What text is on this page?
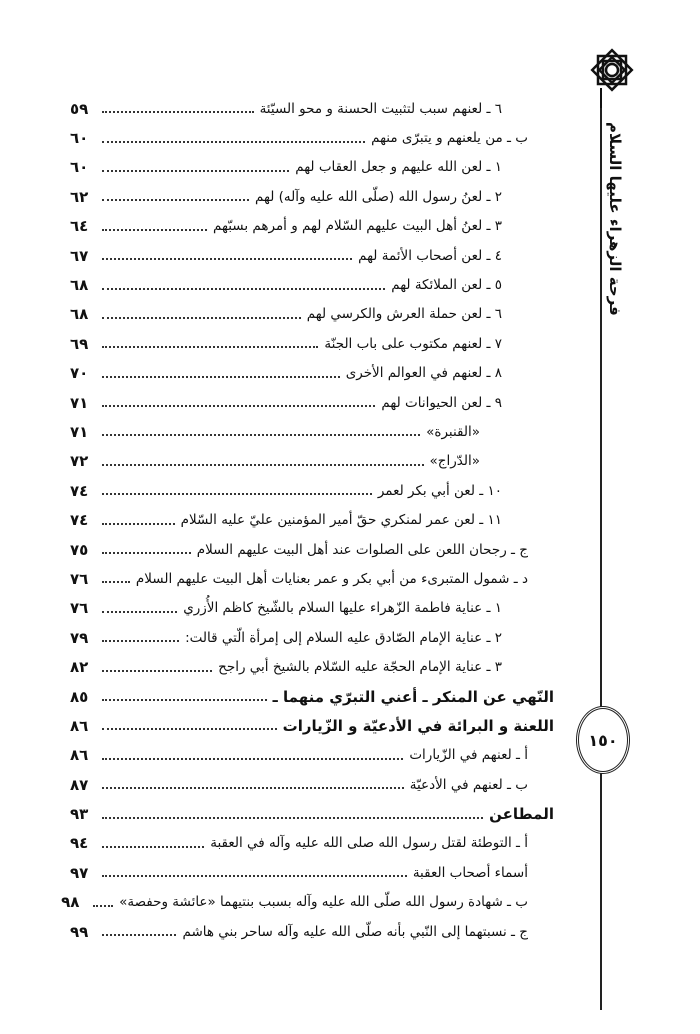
فرحة الزهراء عليها السلام
١٥٠
٦ ـ لعنهم سبب لتثبيت الحسنة و محو السيّئة
٥٩
ب ـ من يلعنهم و يتبرّى منهم
٦٠
١ ـ لعن الله عليهم و جعل العقاب لهم
٦٠
٢ ـ لعنُ رسول الله (صلّى الله عليه وآله) لهم
٦٢
٣ ـ لعنُ أهل البيت عليهم السّلام لهم و أمرهم بسبّهم
٦٤
٤ ـ لعن أصحاب الأئمة لهم
٦٧
٥ ـ لعن الملائكة لهم
٦٨
٦ ـ لعن حملة العرش والكرسي لهم
٦٨
٧ ـ لعنهم مكتوب على باب الجنّة
٦٩
٨ ـ لعنهم في العوالم الأخرى
٧٠
٩ ـ لعن الحيوانات لهم
٧١
«القنبرة»
٧١
«الدّراج»
٧٢
١٠ ـ لعن أبي بكر لعمر
٧٤
١١ ـ لعن عمر لمنكري حقّ أمير المؤمنين عليّ عليه السّلام
٧٤
ج ـ رجحان اللعن على الصلوات عند أهل البيت عليهم السلام
٧٥
د ـ شمول المتبرىء من أبي بكر و عمر بعنايات أهل البيت عليهم السلام
٧٦
١ ـ عناية فاطمة الزّهراء عليها السلام بالشّيخ كاظم الأُزري
٧٦
٢ ـ عناية الإمام الصّادق عليه السلام إلى إمرأة الّتي قالت:
٧٩
٣ ـ عناية الإمام الحجّة عليه السّلام بالشيخ أبي راجح
٨٢
النّهي عن المنكر ـ أعني التبرّي منهما ـ
٨٥
اللعنة و البرائة في الأدعيّة و الزّيارات
٨٦
أ ـ لعنهم في الزّيارات
٨٦
ب ـ لعنهم في الأدعيّة
٨٧
المطاعن
٩٣
أ ـ التوطئة لقتل رسول الله صلى الله عليه وآله في العقبة
٩٤
أسماء أصحاب العقبة
٩٧
ب ـ شهادة رسول الله صلّى الله عليه وآله بسبب بنتيهما «عائشة وحفصة»
٩٨
ج ـ نسبتهما إلى النّبي بأنه صلّى الله عليه وآله ساحر بني هاشم
٩٩
